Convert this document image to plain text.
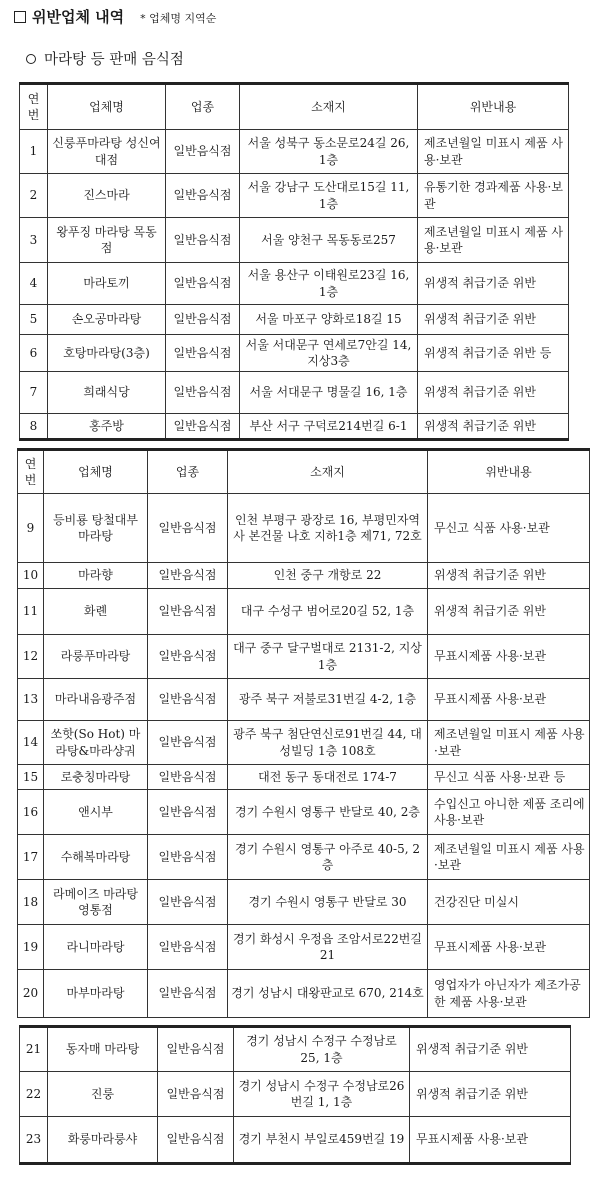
위반업체 내역 * 업체명 지역순
마라탕 등 판매 음식점
연번	업체명	업종	소재지	위반내용
1	신룽푸마라탕 성신여대점	일반음식점	서울 성북구 동소문로24길 26, 1층	제조년월일 미표시 제품 사용·보관
2	진스마라	일반음식점	서울 강남구 도산대로15길 11, 1층	유통기한 경과제품 사용·보관
3	왕푸징 마라탕 목동점	일반음식점	서울 양천구 목동동로257	제조년월일 미표시 제품 사용·보관
4	마라토끼	일반음식점	서울 용산구 이태원로23길 16, 1층	위생적 취급기준 위반
5	손오공마라탕	일반음식점	서울 마포구 양화로18길 15	위생적 취급기준 위반
6	호탕마라탕(3층)	일반음식점	서울 서대문구 연세로7안길 14, 지상3층	위생적 취급기준 위반 등
7	희래식당	일반음식점	서울 서대문구 명물길 16, 1층	위생적 취급기준 위반
8	홍주방	일반음식점	부산 서구 구덕로214번길 6-1	위생적 취급기준 위반
연번	업체명	업종	소재지	위반내용
9	등비룡 탕철대부 마라탕	일반음식점	인천 부평구 광장로 16, 부평민자역사 본건물 나호 지하1층 제71, 72호	무신고 식품 사용·보관
10	마라향	일반음식점	인천 중구 개항로 22	위생적 취급기준 위반
11	화롄	일반음식점	대구 수성구 범어로20길 52, 1층	위생적 취급기준 위반
12	라룽푸마라탕	일반음식점	대구 중구 달구벌대로 2131-2, 지상1층	무표시제품 사용·보관
13	마라내음광주점	일반음식점	광주 북구 저불로31번길 4-2, 1층	무표시제품 사용·보관
14	쏘핫(So Hot) 마라탕&마라샹궈	일반음식점	광주 북구 첨단연신로91번길 44, 대성빌딩 1층 108호	제조년월일 미표시 제품 사용·보관
15	로충칭마라탕	일반음식점	대전 동구 동대전로 174-7	무신고 식품 사용·보관 등
16	앤시부	일반음식점	경기 수원시 영통구 반달로 40, 2층	수입신고 아니한 제품 조리에 사용·보관
17	수해복마라탕	일반음식점	경기 수원시 영통구 아주로 40-5, 2층	제조년월일 미표시 제품 사용·보관
18	라메이즈 마라탕 영통점	일반음식점	경기 수원시 영통구 반달로 30	건강진단 미실시
19	라니마라탕	일반음식점	경기 화성시 우정읍 조암서로22번길 21	무표시제품 사용·보관
20	마부마라탕	일반음식점	경기 성남시 대왕판교로 670, 214호	영업자가 아닌자가 제조가공한 제품 사용·보관
21	동자매 마라탕	일반음식점	경기 성남시 수정구 수정남로 25, 1층	위생적 취급기준 위반
22	진룽	일반음식점	경기 성남시 수정구 수정남로26번길 1, 1층	위생적 취급기준 위반
23	화룽마라룽샤	일반음식점	경기 부천시 부일로459번길 19	무표시제품 사용·보관
